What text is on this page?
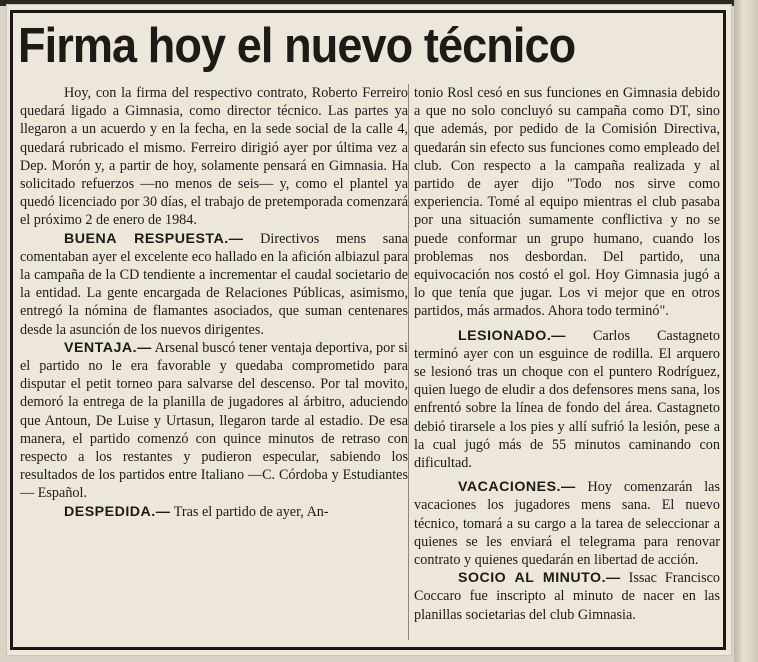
Firma hoy el nuevo técnico

Hoy, con la firma del respectivo contrato, Roberto Ferreiro quedará ligado a Gimnasia, como director técnico. Las partes ya llegaron a un acuerdo y en la fecha, en la sede social de la calle 4, quedará rubricado el mismo. Ferreiro dirigió ayer por última vez a Dep. Morón y, a partir de hoy, solamente pensará en Gimnasia. Ha solicitado refuerzos —no menos de seis— y, como el plantel ya quedó licenciado por 30 días, el trabajo de pretemporada comenzará el próximo 2 de enero de 1984.

BUENA RESPUESTA.— Directivos mens sana comentaban ayer el excelente eco hallado en la afición albiazul para la campaña de la CD tendiente a incrementar el caudal societario de la entidad. La gente encargada de Relaciones Públicas, asimismo, entregó la nómina de flamantes asociados, que suman centenares desde la asunción de los nuevos dirigentes.

VENTAJA.— Arsenal buscó tener ventaja deportiva, por si el partido no le era favorable y quedaba comprometido para disputar el petit torneo para salvarse del descenso. Por tal movito, demoró la entrega de la planilla de jugadores al árbitro, aduciendo que Antoun, De Luise y Urtasun, llegaron tarde al estadio. De esa manera, el partido comenzó con quince minutos de retraso con respecto a los restantes y pudieron especular, sabiendo los resultados de los partidos entre Italiano —C. Córdoba y Estudiantes— Español.

DESPEDIDA.— Tras el partido de ayer, An-

tonio Rosl cesó en sus funciones en Gimnasia debido a que no solo concluyó su campaña como DT, sino que además, por pedido de la Comisión Directiva, quedarán sin efecto sus funciones como empleado del club. Con respecto a la campaña realizada y al partido de ayer dijo "Todo nos sirve como experiencia. Tomé al equipo mientras el club pasaba por una situación sumamente conflictiva y no se puede conformar un grupo humano, cuando los problemas nos desbordan. Del partido, una equivocación nos costó el gol. Hoy Gimnasia jugó a lo que tenía que jugar. Los vi mejor que en otros partidos, más armados. Ahora todo terminó".

LESIONADO.— Carlos Castagneto terminó ayer con un esguince de rodilla. El arquero se lesionó tras un choque con el puntero Rodríguez, quien luego de eludir a dos defensores mens sana, los enfrentó sobre la línea de fondo del área. Castagneto debió tirarsele a los pies y allí sufrió la lesión, pese a la cual jugó más de 55 minutos caminando con dificultad.

VACACIONES.— Hoy comenzarán las vacaciones los jugadores mens sana. El nuevo técnico, tomará a su cargo a la tarea de seleccionar a quienes se les enviará el telegrama para renovar contrato y quienes quedarán en libertad de acción.

SOCIO AL MINUTO.— Issac Francisco Coccaro fue inscripto al minuto de nacer en las planillas societarias del club Gimnasia.
